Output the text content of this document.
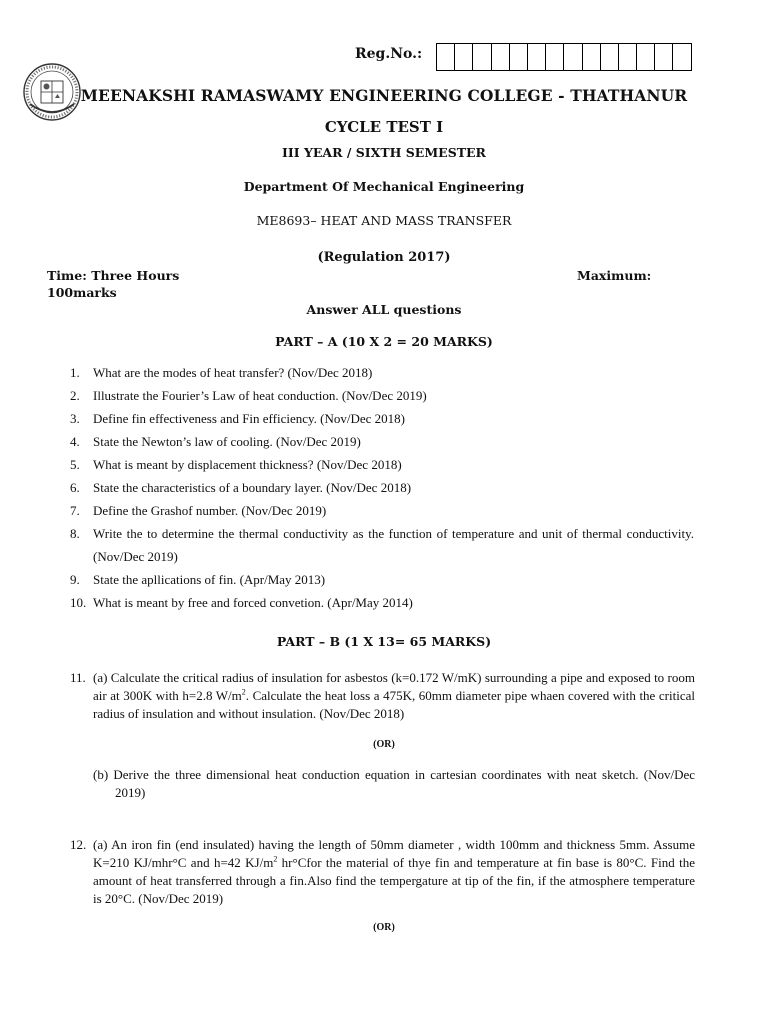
Reg.No.:
MEENAKSHI RAMASWAMY ENGINEERING COLLEGE - THATHANUR
CYCLE TEST I
III YEAR / SIXTH SEMESTER
Department Of Mechanical Engineering
ME8693– HEAT AND MASS TRANSFER
(Regulation 2017)
Time: Three Hours	Maximum:
100marks
Answer ALL questions
PART – A (10 X 2 = 20 MARKS)
1.	What are the modes of heat transfer? (Nov/Dec 2018)
2.	Illustrate the Fourier’s Law of heat conduction. (Nov/Dec 2019)
3.	Define fin effectiveness and Fin efficiency. (Nov/Dec 2018)
4.	State the Newton’s law of cooling. (Nov/Dec 2019)
5.	What is meant by displacement thickness? (Nov/Dec 2018)
6.	State the characteristics of a boundary layer. (Nov/Dec 2018)
7.	Define the Grashof number. (Nov/Dec 2019)
8.	Write the to determine the thermal conductivity as the function of temperature and unit of thermal conductivity. (Nov/Dec 2019)
9.	State the apllications of fin. (Apr/May 2013)
10. What is meant by free and forced convetion. (Apr/May 2014)
PART – B (1 X 13= 65 MARKS)
11. (a) Calculate the critical radius of insulation for asbestos (k=0.172 W/mK) surrounding a pipe and exposed to room air at 300K with h=2.8 $W/m^2$. Calculate the heat loss a 475K, 60mm diameter pipe whaen covered with the critical radius of insulation and without insulation. (Nov/Dec 2018)
(OR)
(b) Derive the three dimensional heat conduction equation in cartesian coordinates with neat sketch. (Nov/Dec 2019)
12. (a) An iron fin (end insulated) having the length of 50mm diameter , width 100mm and thickness 5mm. Assume K=210 KJ/mhr°C and h=42 $KJ/m^2$ hr°Cfor the material of thye fin and temperature at fin base is 80°C. Find the amount of heat transferred through a fin.Also find the tempergature at tip of the fin, if the atmosphere temperature is 20°C. (Nov/Dec 2019)
(OR)
